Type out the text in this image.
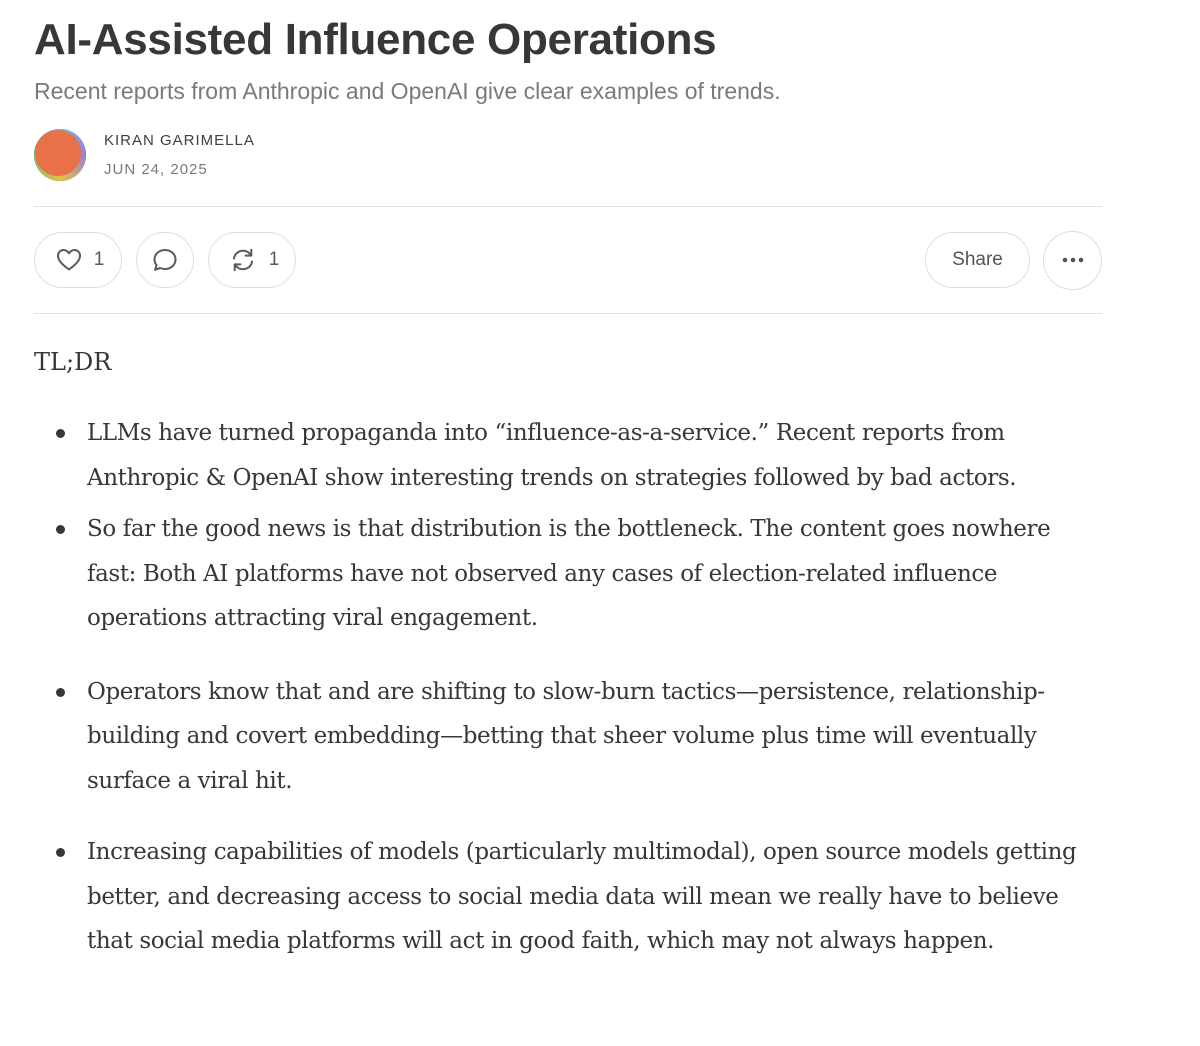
AI-Assisted Influence Operations
Recent reports from Anthropic and OpenAI give clear examples of trends.
KIRAN GARIMELLA
JUN 24, 2025
1	1	Share
TL;DR
LLMs have turned propaganda into “influence-as-a-service.” Recent reports from Anthropic & OpenAI show interesting trends on strategies followed by bad actors.
So far the good news is that distribution is the bottleneck. The content goes nowhere fast: Both AI platforms have not observed any cases of election-related influence operations attracting viral engagement.
Operators know that and are shifting to slow-burn tactics—persistence, relationship-building and covert embedding—betting that sheer volume plus time will eventually surface a viral hit.
Increasing capabilities of models (particularly multimodal), open source models getting better, and decreasing access to social media data will mean we really have to believe that social media platforms will act in good faith, which may not always happen.
